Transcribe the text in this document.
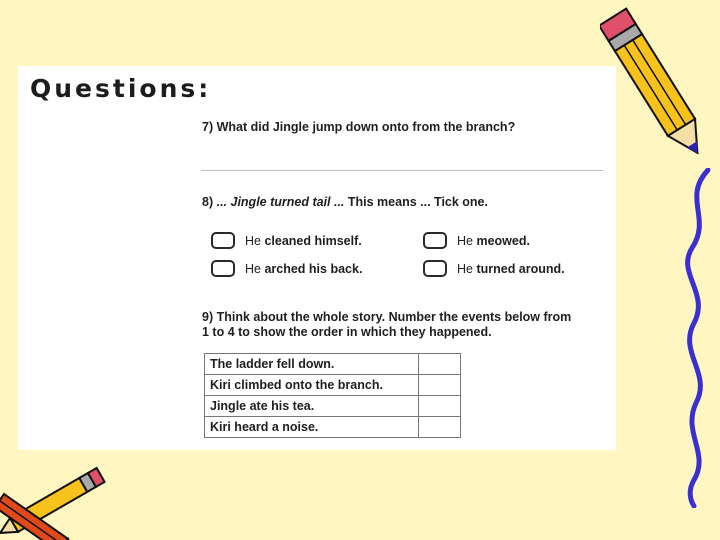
Questions:
7) What did Jingle jump down onto from the branch?
8) ... Jingle turned tail ... This means ... Tick one.
He cleaned himself.	He meowed.
He arched his back.	He turned around.
9) Think about the whole story. Number the events below from
1 to 4 to show the order in which they happened.
The ladder fell down.	
Kiri climbed onto the branch.	
Jingle ate his tea.	
Kiri heard a noise.	
